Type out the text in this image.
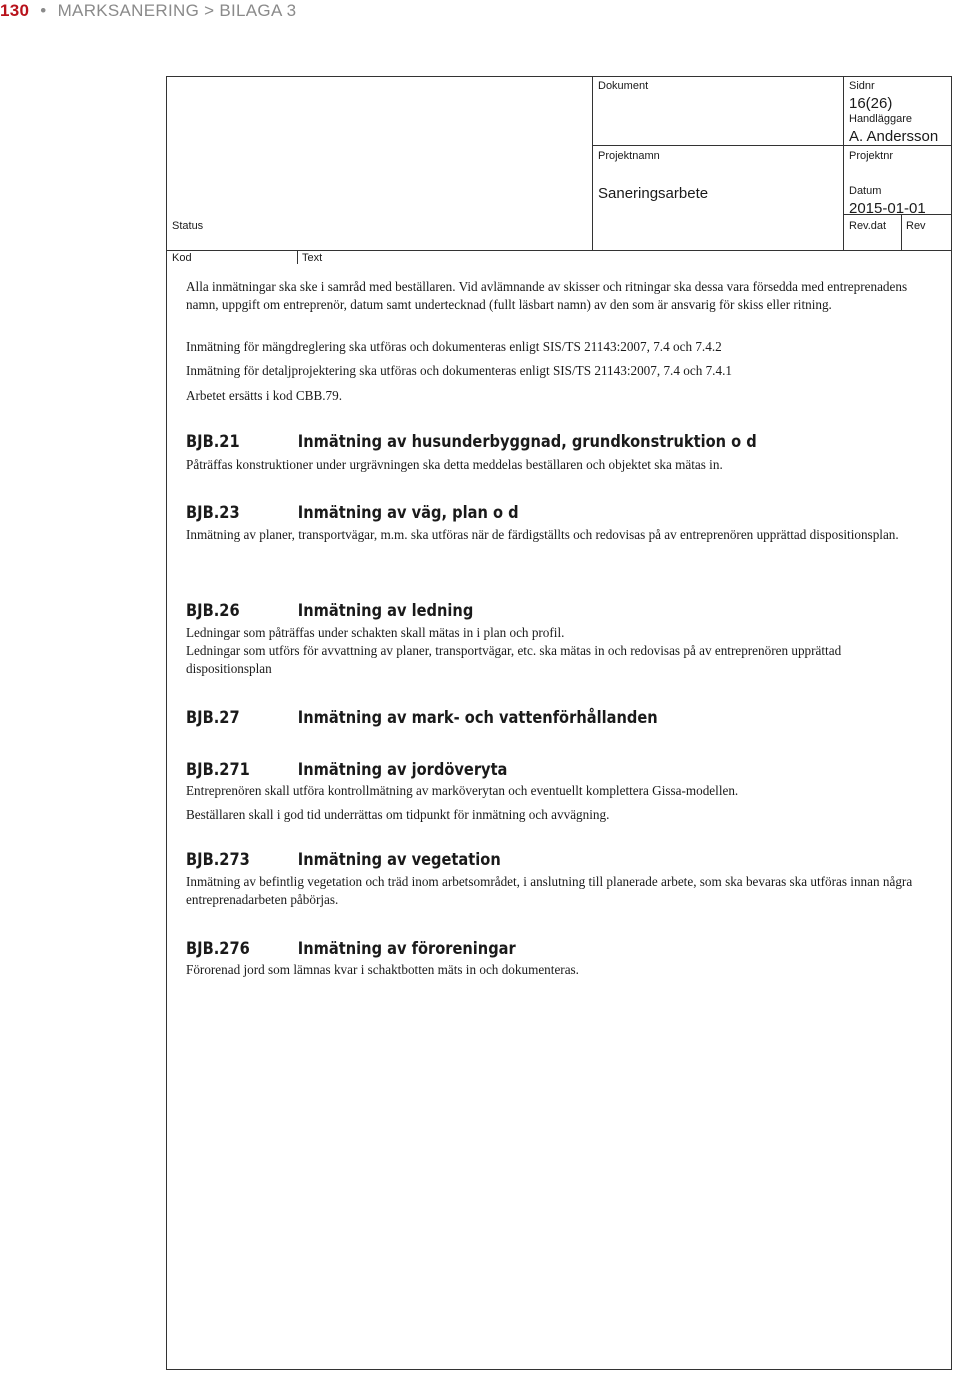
130 • MARKSANERING > BILAGA 3
Dokument	Sidnr
16(26)
Handläggare
A. Andersson
Projektnamn	Projektnr
Saneringsarbete	Datum
2015-01-01
Status	Rev.dat Rev
Kod	Text

Alla inmätningar ska ske i samråd med beställaren. Vid avlämnande av skisser och ritningar ska dessa vara försedda med entreprenadens namn, uppgift om entreprenör, datum samt undertecknad (fullt läsbart namn) av den som är ansvarig för skiss eller ritning.

Inmätning för mängdreglering ska utföras och dokumenteras enligt SIS/TS 21143:2007, 7.4 och 7.4.2

Inmätning för detaljprojektering ska utföras och dokumenteras enligt SIS/TS 21143:2007, 7.4 och 7.4.1

Arbetet ersätts i kod CBB.79.

BJB.21	Inmätning av husunderbyggnad, grundkonstruktion o d

Påträffas konstruktioner under urgrävningen ska detta meddelas beställaren och objektet ska mätas in.

BJB.23	Inmätning av väg, plan o d

Inmätning av planer, transportvägar, m.m. ska utföras när de färdigställts och redovisas på av entreprenören upprättad dispositionsplan.

BJB.26	Inmätning av ledning

Ledningar som påträffas under schakten skall mätas in i plan och profil.

Ledningar som utförs för avvattning av planer, transportvägar, etc. ska mätas in och redovisas på av entreprenören upprättad dispositionsplan

BJB.27	Inmätning av mark- och vattenförhållanden
BJB.271	Inmätning av jordöveryta

Entreprenören skall utföra kontrollmätning av marköverytan och eventuellt komplettera Gissa-modellen.

Beställaren skall i god tid underrättas om tidpunkt för inmätning och avvägning.

BJB.273	Inmätning av vegetation

Inmätning av befintlig vegetation och träd inom arbetsområdet, i anslutning till planerade arbete, som ska bevaras ska utföras innan några entreprenadarbeten påbörjas.

BJB.276	Inmätning av föroreningar

Förorenad jord som lämnas kvar i schaktbotten mäts in och dokumenteras.
